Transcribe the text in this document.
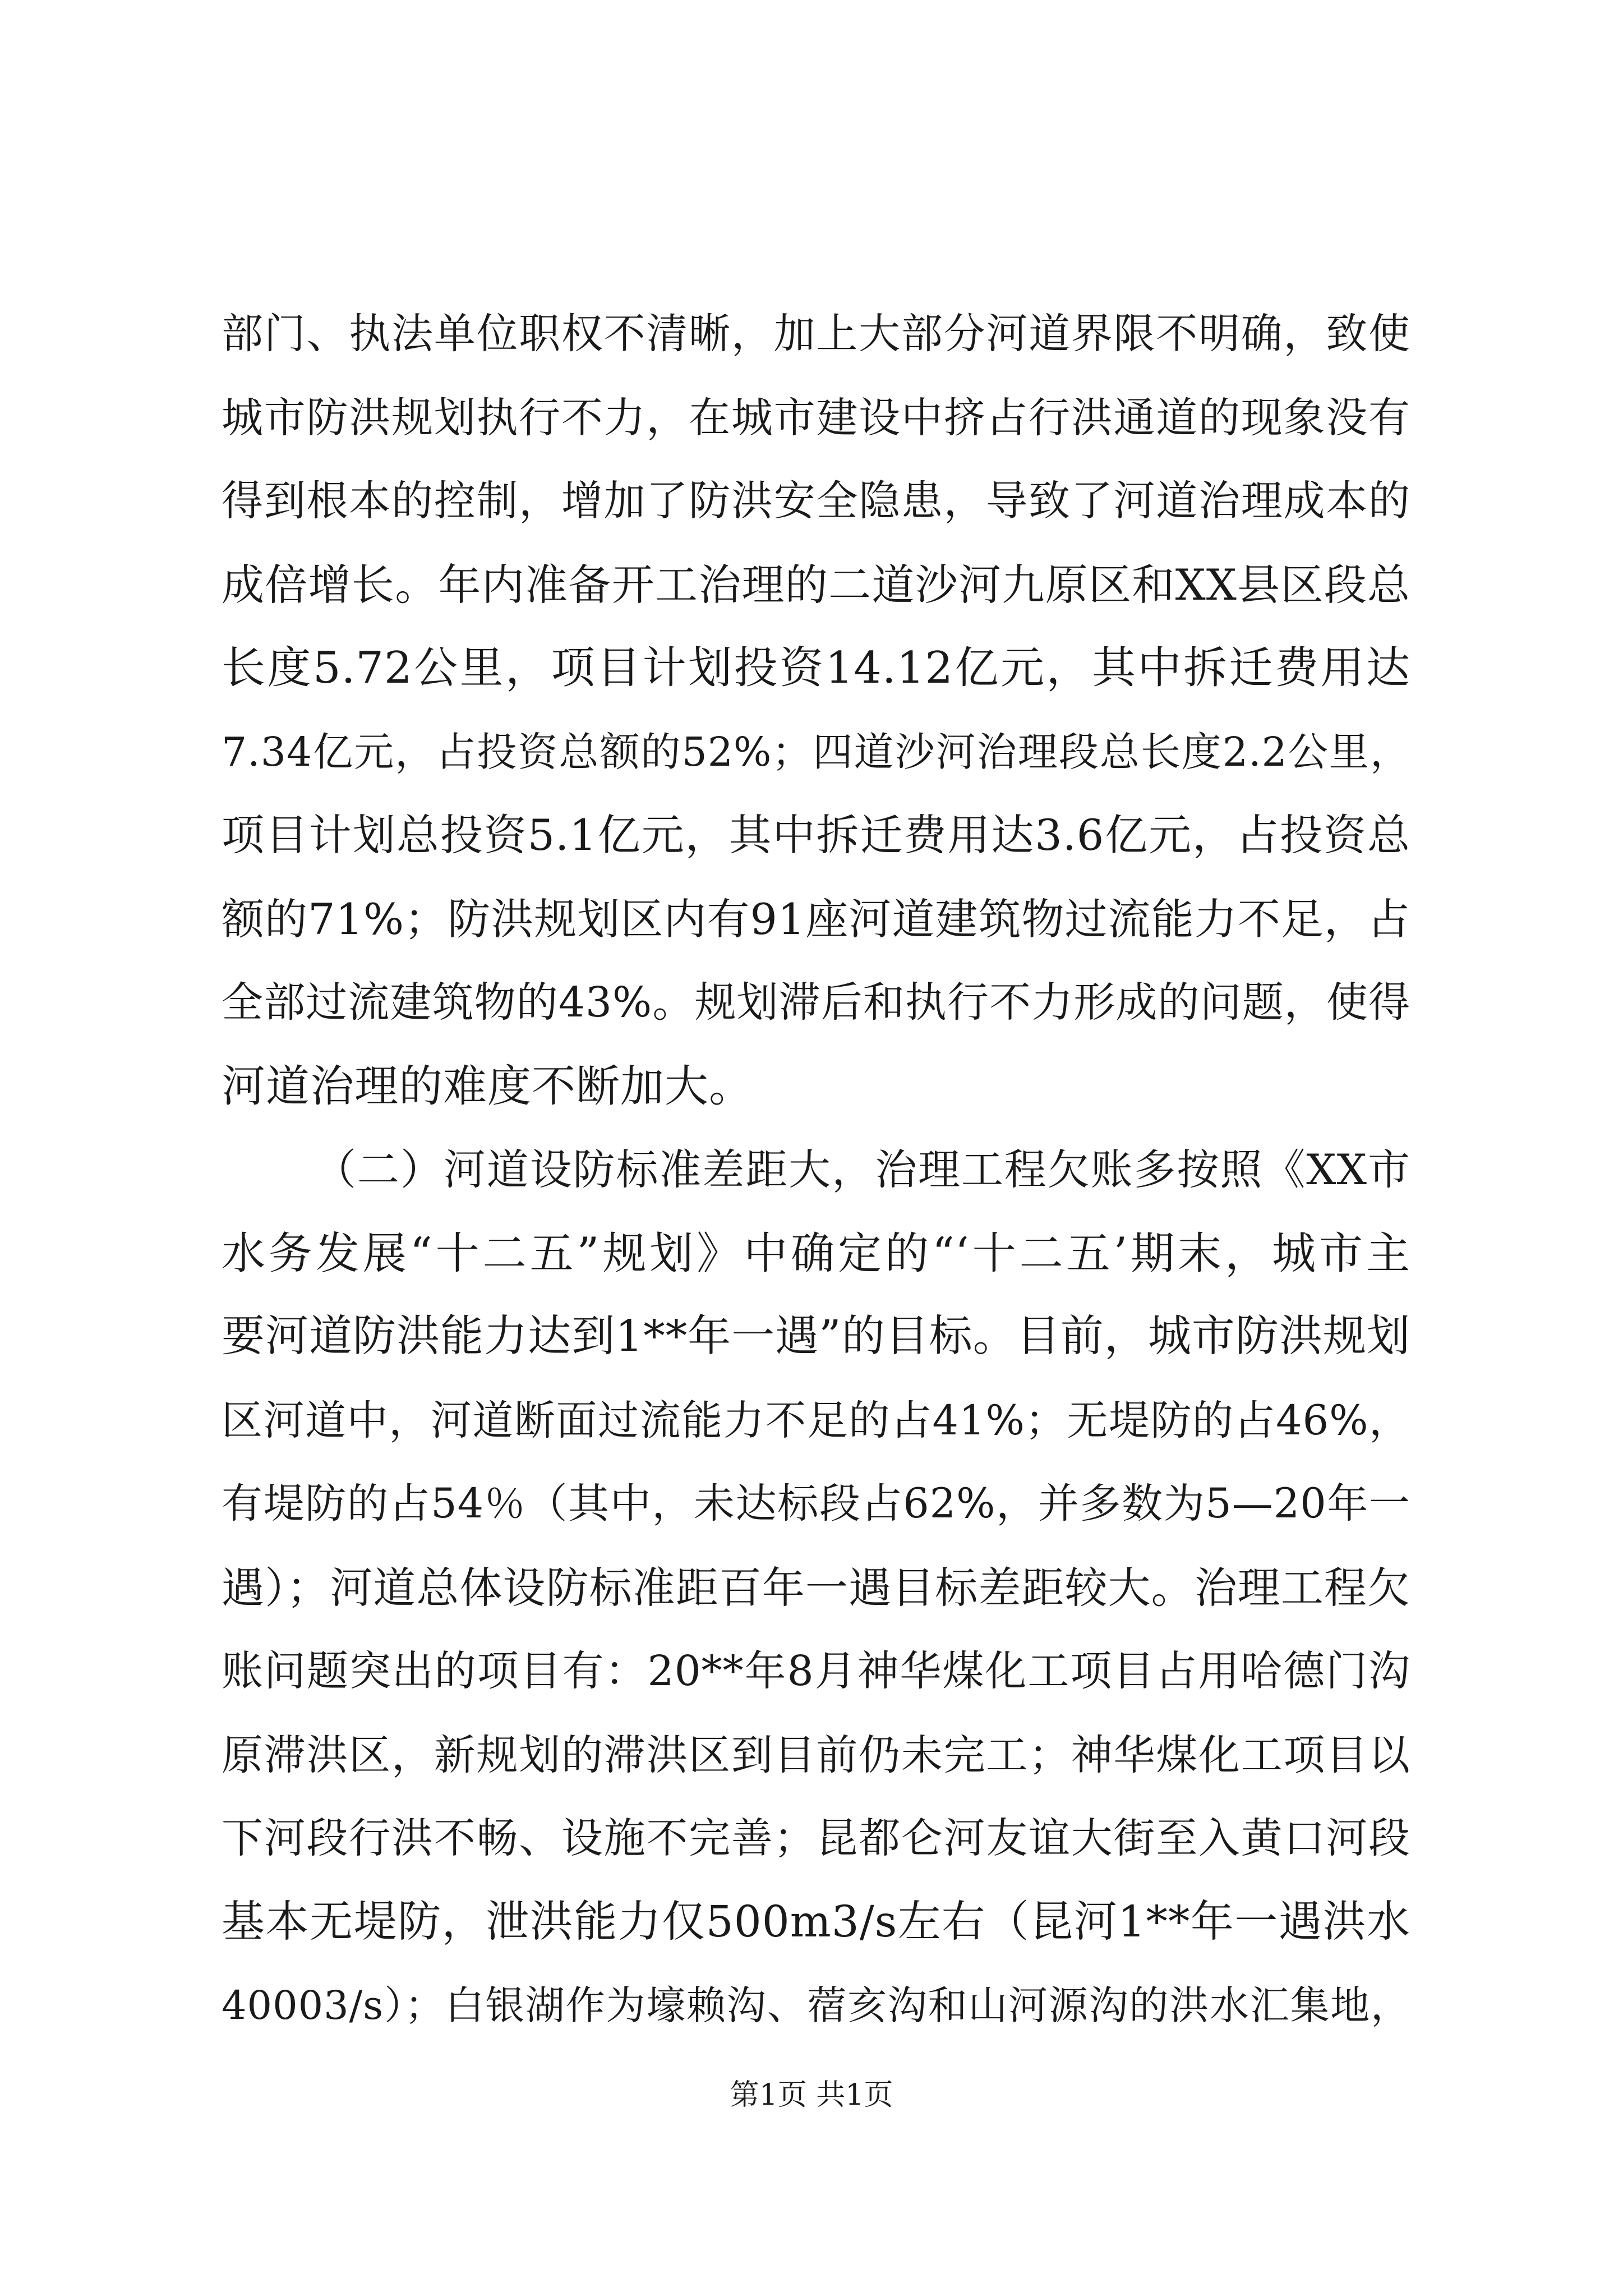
部门、执法单位职权不清晰，加上大部分河道界限不明确，致使
城市防洪规划执行不力，在城市建设中挤占行洪通道的现象没有
得到根本的控制，增加了防洪安全隐患，导致了河道治理成本的
成倍增长。年内准备开工治理的二道沙河九原区和XX县区段总
长度5.72公里，项目计划投资14.12亿元，其中拆迁费用达
7.34亿元，占投资总额的52%；四道沙河治理段总长度2.2公里，
项目计划总投资5.1亿元，其中拆迁费用达3.6亿元，占投资总
额的71%；防洪规划区内有91座河道建筑物过流能力不足，占
全部过流建筑物的43%。规划滞后和执行不力形成的问题，使得
河道治理的难度不断加大。
（二）河道设防标准差距大，治理工程欠账多按照《XX市
水务发展“十二五”规划》中确定的“‘十二五’期末，城市主
要河道防洪能力达到1**年一遇”的目标。目前，城市防洪规划
区河道中，河道断面过流能力不足的占41%；无堤防的占46%，
有堤防的占54％（其中，未达标段占62%，并多数为5—20年一
遇）；河道总体设防标准距百年一遇目标差距较大。治理工程欠
账问题突出的项目有：20**年8月神华煤化工项目占用哈德门沟
原滞洪区，新规划的滞洪区到目前仍未完工；神华煤化工项目以
下河段行洪不畅、设施不完善；昆都仑河友谊大街至入黄口河段
基本无堤防，泄洪能力仅500m3/s左右（昆河1**年一遇洪水
40003/s）；白银湖作为壕赖沟、蓿亥沟和山河源沟的洪水汇集地，
第1页 共1页
